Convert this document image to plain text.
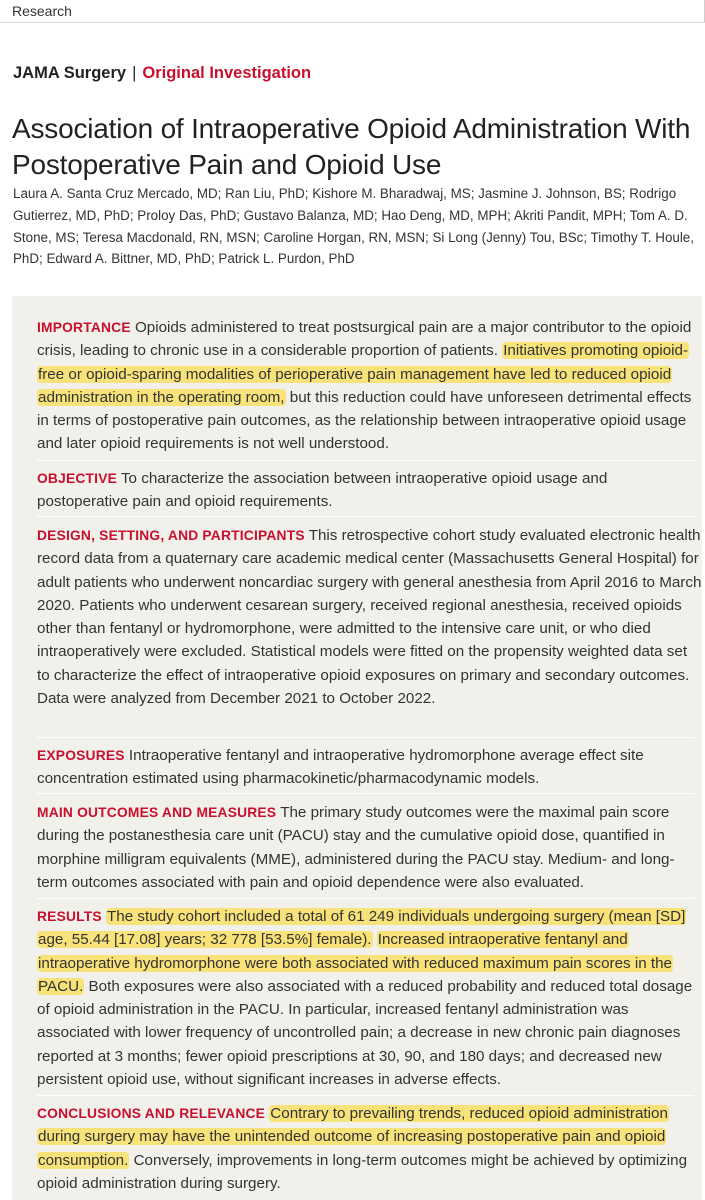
Research
JAMA Surgery | Original Investigation
Association of Intraoperative Opioid Administration With Postoperative Pain and Opioid Use
Laura A. Santa Cruz Mercado, MD; Ran Liu, PhD; Kishore M. Bharadwaj, MS; Jasmine J. Johnson, BS; Rodrigo Gutierrez, MD, PhD; Proloy Das, PhD; Gustavo Balanza, MD; Hao Deng, MD, MPH; Akriti Pandit, MPH; Tom A. D. Stone, MS; Teresa Macdonald, RN, MSN; Caroline Horgan, RN, MSN; Si Long (Jenny) Tou, BSc; Timothy T. Houle, PhD; Edward A. Bittner, MD, PhD; Patrick L. Purdon, PhD
IMPORTANCE Opioids administered to treat postsurgical pain are a major contributor to the opioid crisis, leading to chronic use in a considerable proportion of patients. Initiatives promoting opioid-free or opioid-sparing modalities of perioperative pain management have led to reduced opioid administration in the operating room, but this reduction could have unforeseen detrimental effects in terms of postoperative pain outcomes, as the relationship between intraoperative opioid usage and later opioid requirements is not well understood.
OBJECTIVE To characterize the association between intraoperative opioid usage and postoperative pain and opioid requirements.
DESIGN, SETTING, AND PARTICIPANTS This retrospective cohort study evaluated electronic health record data from a quaternary care academic medical center (Massachusetts General Hospital) for adult patients who underwent noncardiac surgery with general anesthesia from April 2016 to March 2020. Patients who underwent cesarean surgery, received regional anesthesia, received opioids other than fentanyl or hydromorphone, were admitted to the intensive care unit, or who died intraoperatively were excluded. Statistical models were fitted on the propensity weighted data set to characterize the effect of intraoperative opioid exposures on primary and secondary outcomes. Data were analyzed from December 2021 to October 2022.
EXPOSURES Intraoperative fentanyl and intraoperative hydromorphone average effect site concentration estimated using pharmacokinetic/pharmacodynamic models.
MAIN OUTCOMES AND MEASURES The primary study outcomes were the maximal pain score during the postanesthesia care unit (PACU) stay and the cumulative opioid dose, quantified in morphine milligram equivalents (MME), administered during the PACU stay. Medium- and long-term outcomes associated with pain and opioid dependence were also evaluated.
RESULTS The study cohort included a total of 61 249 individuals undergoing surgery (mean [SD] age, 55.44 [17.08] years; 32 778 [53.5%] female). Increased intraoperative fentanyl and intraoperative hydromorphone were both associated with reduced maximum pain scores in the PACU. Both exposures were also associated with a reduced probability and reduced total dosage of opioid administration in the PACU. In particular, increased fentanyl administration was associated with lower frequency of uncontrolled pain; a decrease in new chronic pain diagnoses reported at 3 months; fewer opioid prescriptions at 30, 90, and 180 days; and decreased new persistent opioid use, without significant increases in adverse effects.
CONCLUSIONS AND RELEVANCE Contrary to prevailing trends, reduced opioid administration during surgery may have the unintended outcome of increasing postoperative pain and opioid consumption. Conversely, improvements in long-term outcomes might be achieved by optimizing opioid administration during surgery.
